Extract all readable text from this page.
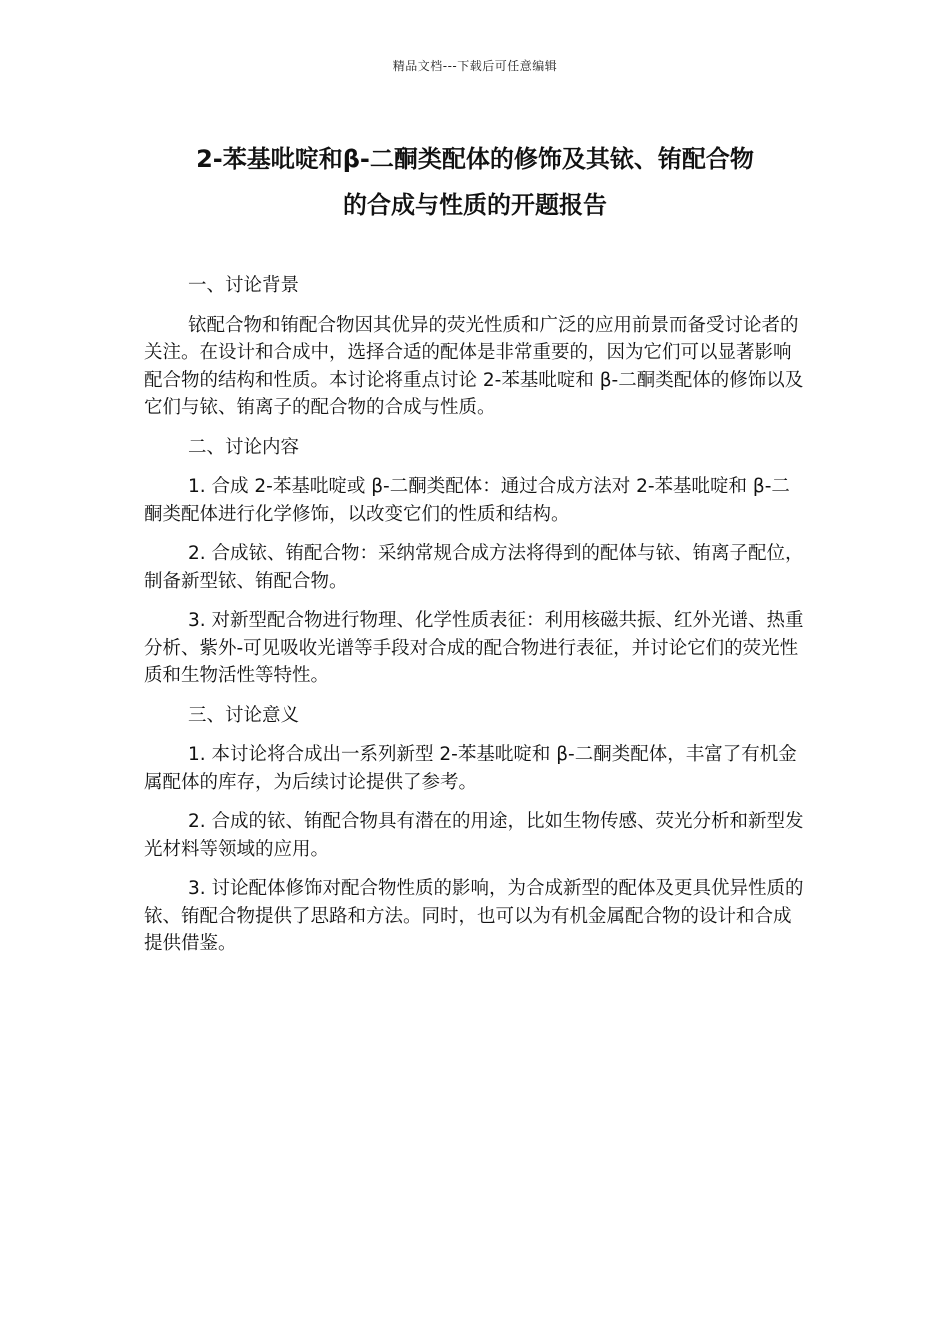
精品文档---下载后可任意编辑
2-苯基吡啶和β-二酮类配体的修饰及其铱、铕配合物
的合成与性质的开题报告

一、讨论背景

铱配合物和铕配合物因其优异的荧光性质和广泛的应用前景而备受讨论者的关注。在设计和合成中，选择合适的配体是非常重要的，因为它们可以显著影响配合物的结构和性质。本讨论将重点讨论 2-苯基吡啶和 β-二酮类配体的修饰以及它们与铱、铕离子的配合物的合成与性质。

二、讨论内容

1. 合成 2-苯基吡啶或 β-二酮类配体：通过合成方法对 2-苯基吡啶和 β-二酮类配体进行化学修饰，以改变它们的性质和结构。

2. 合成铱、铕配合物：采纳常规合成方法将得到的配体与铱、铕离子配位，制备新型铱、铕配合物。

3. 对新型配合物进行物理、化学性质表征：利用核磁共振、红外光谱、热重分析、紫外-可见吸收光谱等手段对合成的配合物进行表征，并讨论它们的荧光性质和生物活性等特性。

三、讨论意义

1. 本讨论将合成出一系列新型 2-苯基吡啶和 β-二酮类配体，丰富了有机金属配体的库存，为后续讨论提供了参考。

2. 合成的铱、铕配合物具有潜在的用途，比如生物传感、荧光分析和新型发光材料等领域的应用。

3. 讨论配体修饰对配合物性质的影响，为合成新型的配体及更具优异性质的铱、铕配合物提供了思路和方法。同时，也可以为有机金属配合物的设计和合成提供借鉴。
